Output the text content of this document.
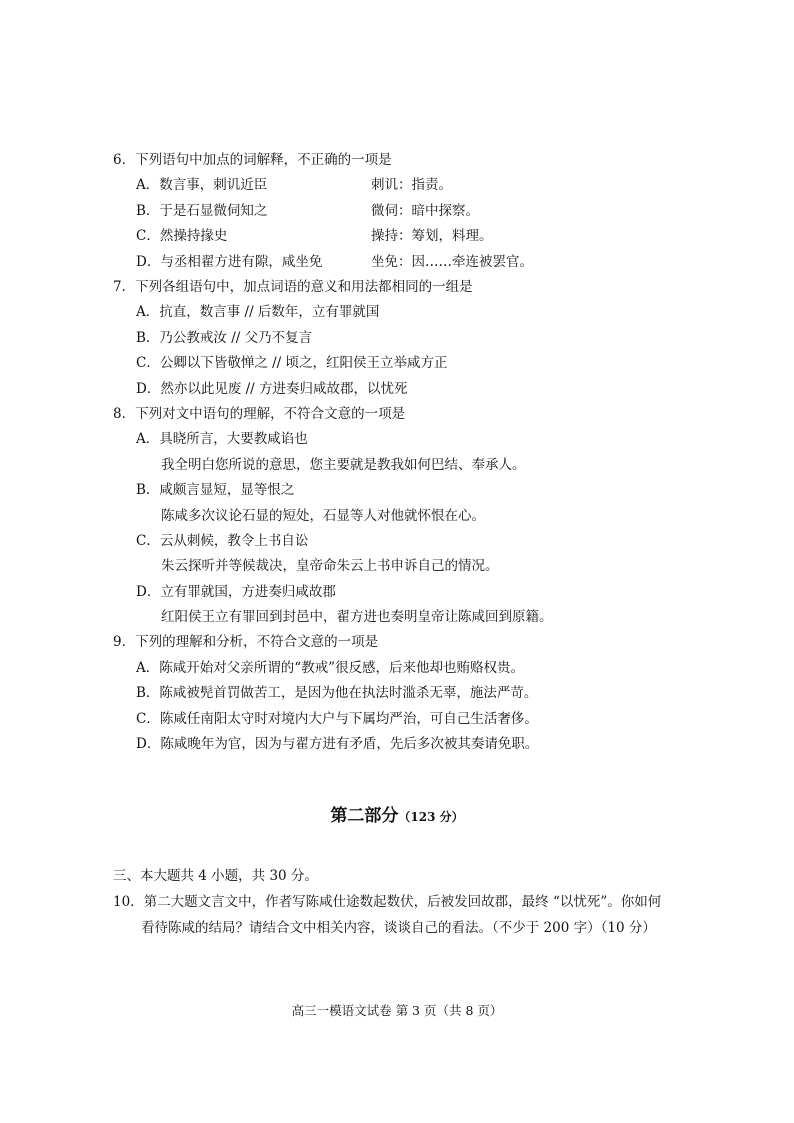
6．下列语句中加点的词解释，不正确的一项是
A．数言事，刺讥近臣	刺讥：指责。
B．于是石显微伺知之	微伺：暗中探察。
C．然操持掾史	操持：筹划，料理。
D．与丞相翟方进有隙，咸坐免	坐免：因……牵连被罢官。
7．下列各组语句中，加点词语的意义和用法都相同的一组是
A．抗直，数言事 // 后数年，立有罪就国
B．乃公教戒汝 // 父乃不复言
C．公卿以下皆敬惮之 // 顷之，红阳侯王立举咸方正
D．然亦以此见废 // 方进奏归咸故郡，以忧死
8．下列对文中语句的理解，不符合文意的一项是
A．具晓所言，大要教咸谄也
我全明白您所说的意思，您主要就是教我如何巴结、奉承人。
B．咸颇言显短，显等恨之
陈咸多次议论石显的短处，石显等人对他就怀恨在心。
C．云从刺候，教令上书自讼
朱云探听并等候裁决，皇帝命朱云上书申诉自己的情况。
D．立有罪就国，方进奏归咸故郡
红阳侯王立有罪回到封邑中，翟方进也奏明皇帝让陈咸回到原籍。
9．下列的理解和分析，不符合文意的一项是
A．陈咸开始对父亲所谓的“教戒”很反感，后来他却也贿赂权贵。
B．陈咸被髡首罚做苦工，是因为他在执法时滥杀无辜，施法严苛。
C．陈咸任南阳太守时对境内大户与下属均严治，可自己生活奢侈。
D．陈咸晚年为官，因为与翟方进有矛盾，先后多次被其奏请免职。
第二部分（123 分）
三、本大题共 4 小题，共 30 分。
10．第二大题文言文中，作者写陈咸仕途数起数伏，后被发回故郡，最终 “以忧死”。你如何
看待陈咸的结局？请结合文中相关内容，谈谈自己的看法。（不少于 200 字）（10 分）
高三一模语文试卷 第 3 页（共 8 页）
